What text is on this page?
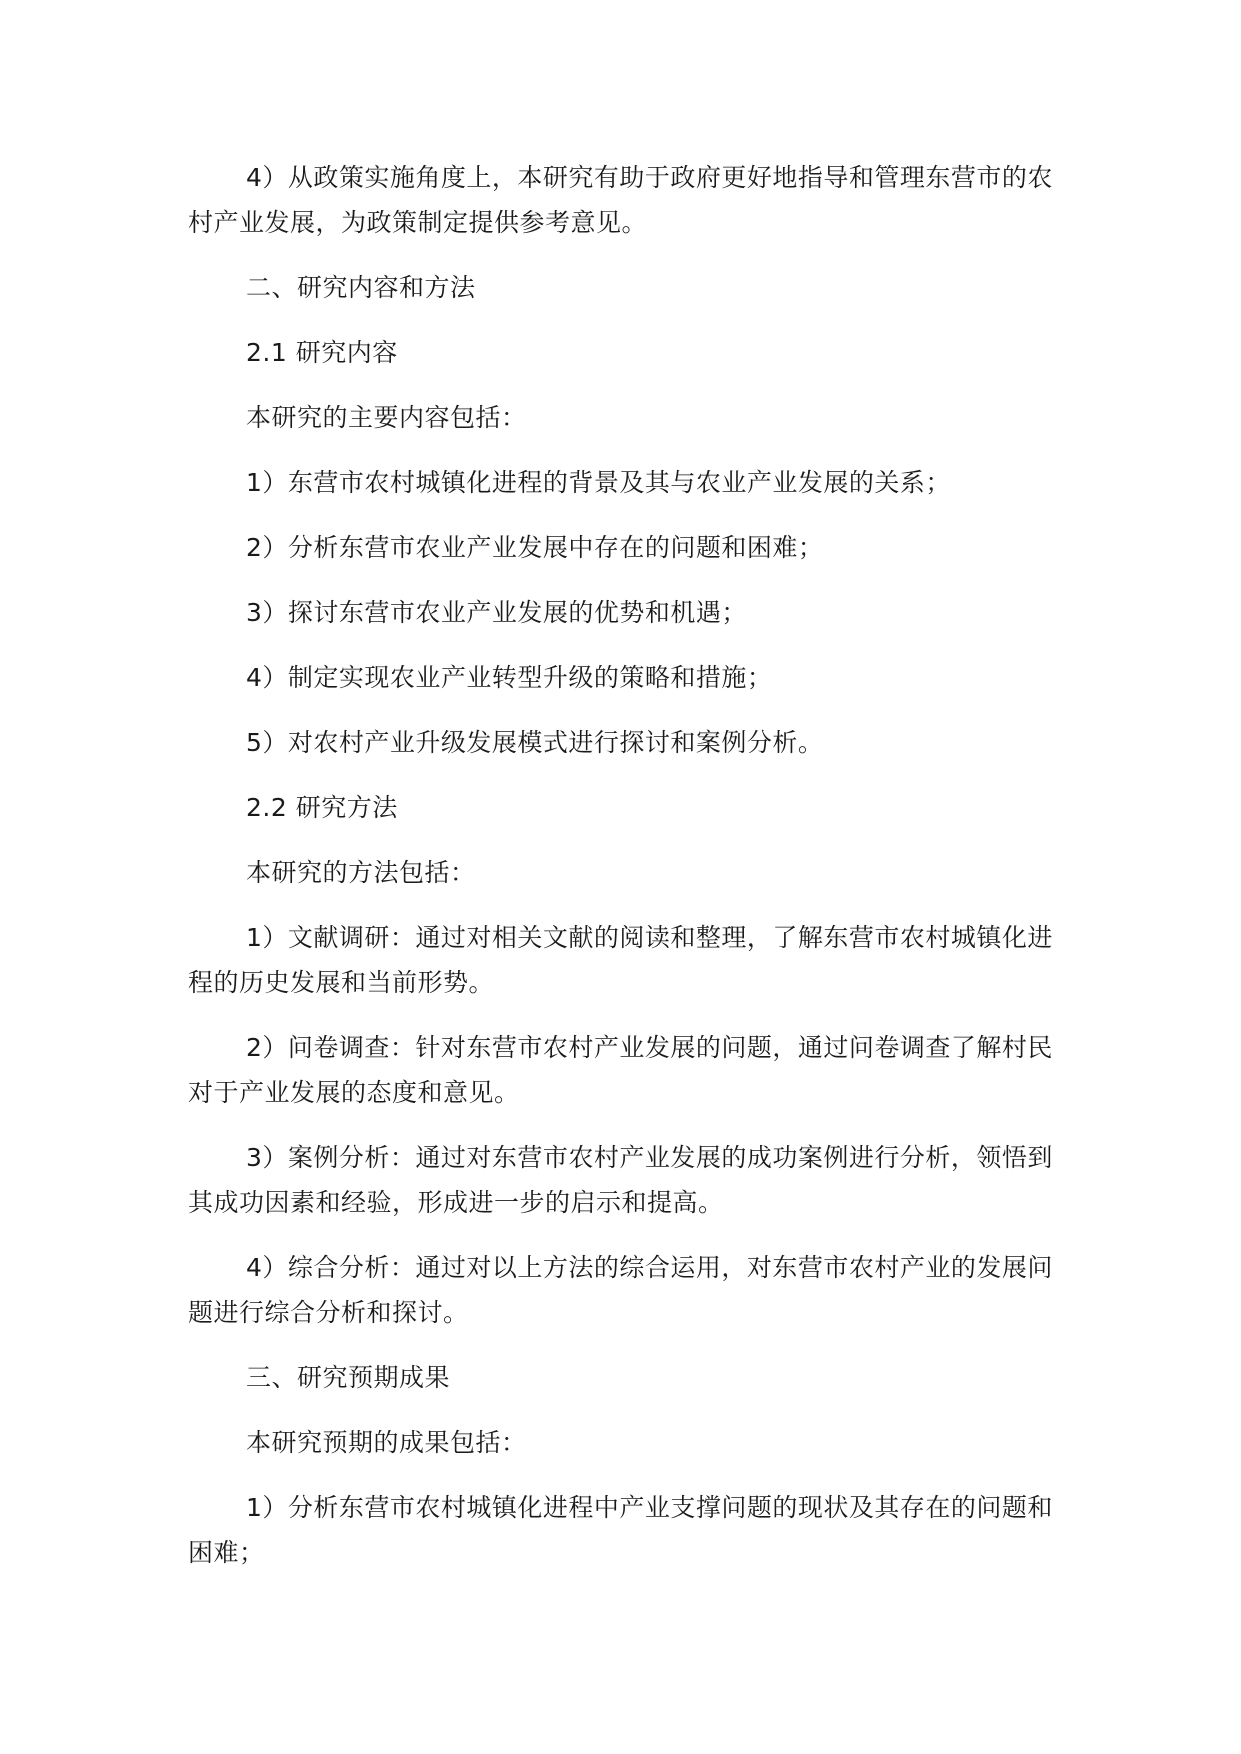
4）从政策实施角度上，本研究有助于政府更好地指导和管理东营市的农村产业发展，为政策制定提供参考意见。

二、研究内容和方法

2.1 研究内容

本研究的主要内容包括：

1）东营市农村城镇化进程的背景及其与农业产业发展的关系；

2）分析东营市农业产业发展中存在的问题和困难；

3）探讨东营市农业产业发展的优势和机遇；

4）制定实现农业产业转型升级的策略和措施；

5）对农村产业升级发展模式进行探讨和案例分析。

2.2 研究方法

本研究的方法包括：

1）文献调研：通过对相关文献的阅读和整理，了解东营市农村城镇化进程的历史发展和当前形势。

2）问卷调查：针对东营市农村产业发展的问题，通过问卷调查了解村民对于产业发展的态度和意见。

3）案例分析：通过对东营市农村产业发展的成功案例进行分析，领悟到其成功因素和经验，形成进一步的启示和提高。

4）综合分析：通过对以上方法的综合运用，对东营市农村产业的发展问题进行综合分析和探讨。

三、研究预期成果

本研究预期的成果包括：

1）分析东营市农村城镇化进程中产业支撑问题的现状及其存在的问题和困难；
